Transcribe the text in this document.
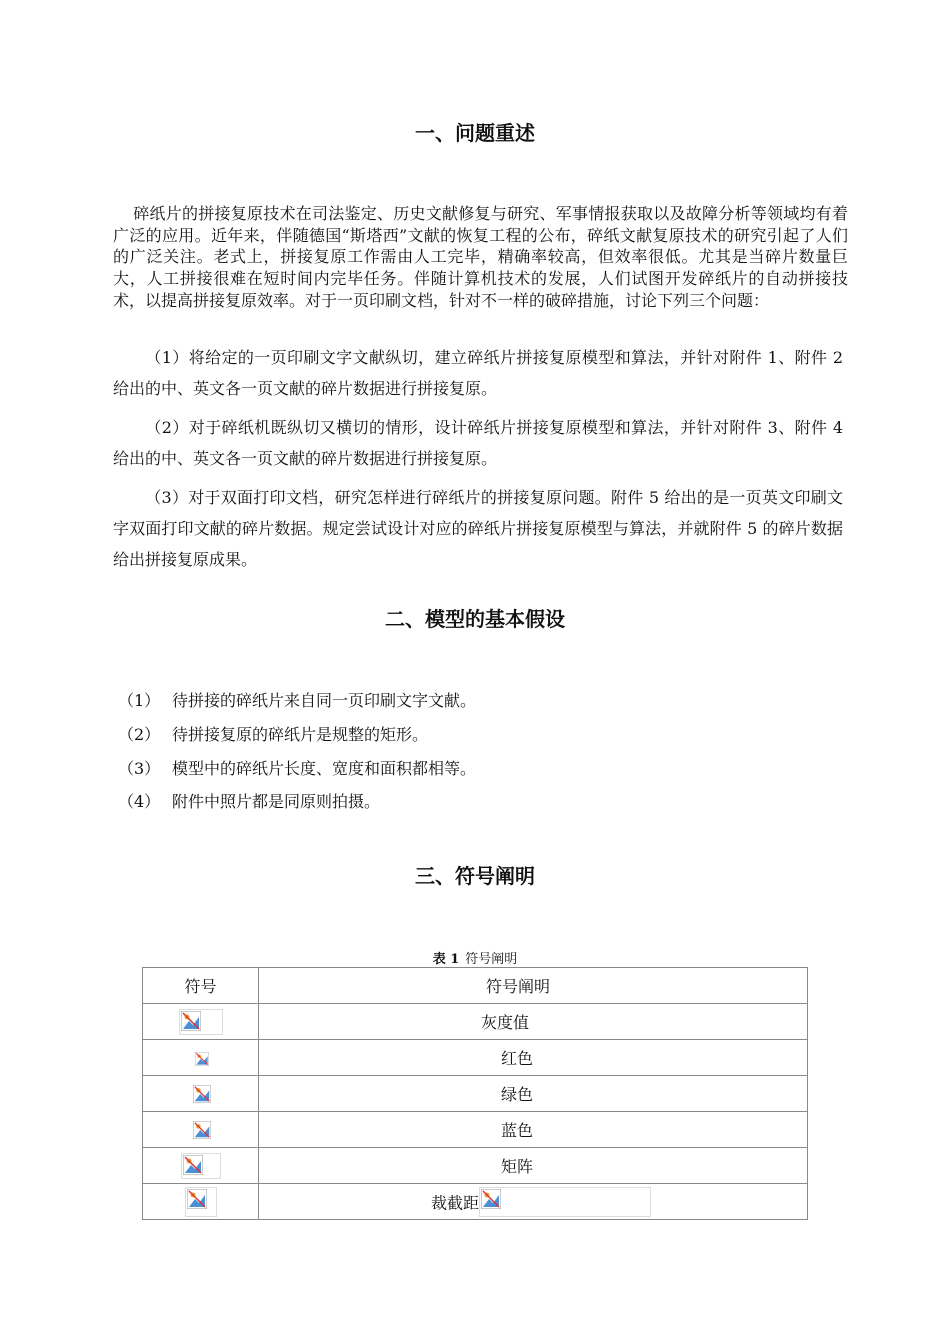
一、问题重述
碎纸片的拼接复原技术在司法鉴定、历史文献修复与研究、军事情报获取以及故障分析等领域均有着广泛的应用。近年来，伴随德国“斯塔西”文献的恢复工程的公布，碎纸文献复原技术的研究引起了人们的广泛关注。老式上，拼接复原工作需由人工完毕，精确率较高，但效率很低。尤其是当碎片数量巨大，人工拼接很难在短时间内完毕任务。伴随计算机技术的发展，人们试图开发碎纸片的自动拼接技术，以提高拼接复原效率。对于一页印刷文档，针对不一样的破碎措施，讨论下列三个问题：
（1）将给定的一页印刷文字文献纵切，建立碎纸片拼接复原模型和算法，并针对附件 1、附件 2 给出的中、英文各一页文献的碎片数据进行拼接复原。
（2）对于碎纸机既纵切又横切的情形，设计碎纸片拼接复原模型和算法，并针对附件 3、附件 4 给出的中、英文各一页文献的碎片数据进行拼接复原。
（3）对于双面打印文档，研究怎样进行碎纸片的拼接复原问题。附件 5 给出的是一页英文印刷文字双面打印文献的碎片数据。规定尝试设计对应的碎纸片拼接复原模型与算法，并就附件 5 的碎片数据给出拼接复原成果。
二、模型的基本假设
（1） 待拼接的碎纸片来自同一页印刷文字文献。
（2） 待拼接复原的碎纸片是规整的矩形。
（3） 模型中的碎纸片长度、宽度和面积都相等。
（4） 附件中照片都是同原则拍摄。
三、符号阐明
表 1 符号阐明
符号	符号阐明

	灰度值

	红色

	绿色

	蓝色

	矩阵

	裁截距
